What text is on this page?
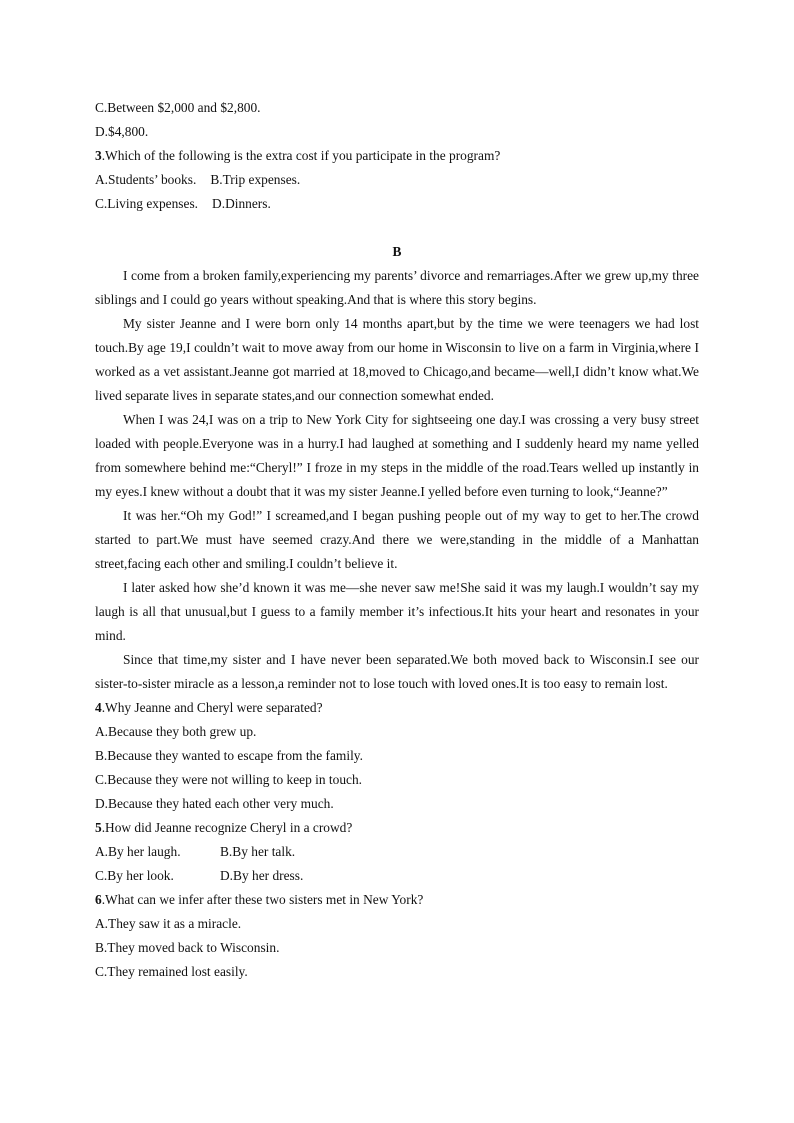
C.Between $2,000 and $2,800.
D.$4,800.
3.Which of the following is the extra cost if you participate in the program?
A.Students’ books. B.Trip expenses.
C.Living expenses. D.Dinners.
B
I come from a broken family,experiencing my parents’ divorce and remarriages.After we grew up,my three siblings and I could go years without speaking.And that is where this story begins.
My sister Jeanne and I were born only 14 months apart,but by the time we were teenagers we had lost touch.By age 19,I couldn’t wait to move away from our home in Wisconsin to live on a farm in Virginia,where I worked as a vet assistant.Jeanne got married at 18,moved to Chicago,and became—well,I didn’t know what.We lived separate lives in separate states,and our connection somewhat ended.
When I was 24,I was on a trip to New York City for sightseeing one day.I was crossing a very busy street loaded with people.Everyone was in a hurry.I had laughed at something and I suddenly heard my name yelled from somewhere behind me:“Cheryl!” I froze in my steps in the middle of the road.Tears welled up instantly in my eyes.I knew without a doubt that it was my sister Jeanne.I yelled before even turning to look,“Jeanne?”
It was her.“Oh my God!” I screamed,and I began pushing people out of my way to get to her.The crowd started to part.We must have seemed crazy.And there we were,standing in the middle of a Manhattan street,facing each other and smiling.I couldn’t believe it.
I later asked how she’d known it was me—she never saw me!She said it was my laugh.I wouldn’t say my laugh is all that unusual,but I guess to a family member it’s infectious.It hits your heart and resonates in your mind.
Since that time,my sister and I have never been separated.We both moved back to Wisconsin.I see our sister-to-sister miracle as a lesson,a reminder not to lose touch with loved ones.It is too easy to remain lost.
4.Why Jeanne and Cheryl were separated?
A.Because they both grew up.
B.Because they wanted to escape from the family.
C.Because they were not willing to keep in touch.
D.Because they hated each other very much.
5.How did Jeanne recognize Cheryl in a crowd?
A.By her laugh.	B.By her talk.
C.By her look.	D.By her dress.
6.What can we infer after these two sisters met in New York?
A.They saw it as a miracle.
B.They moved back to Wisconsin.
C.They remained lost easily.
